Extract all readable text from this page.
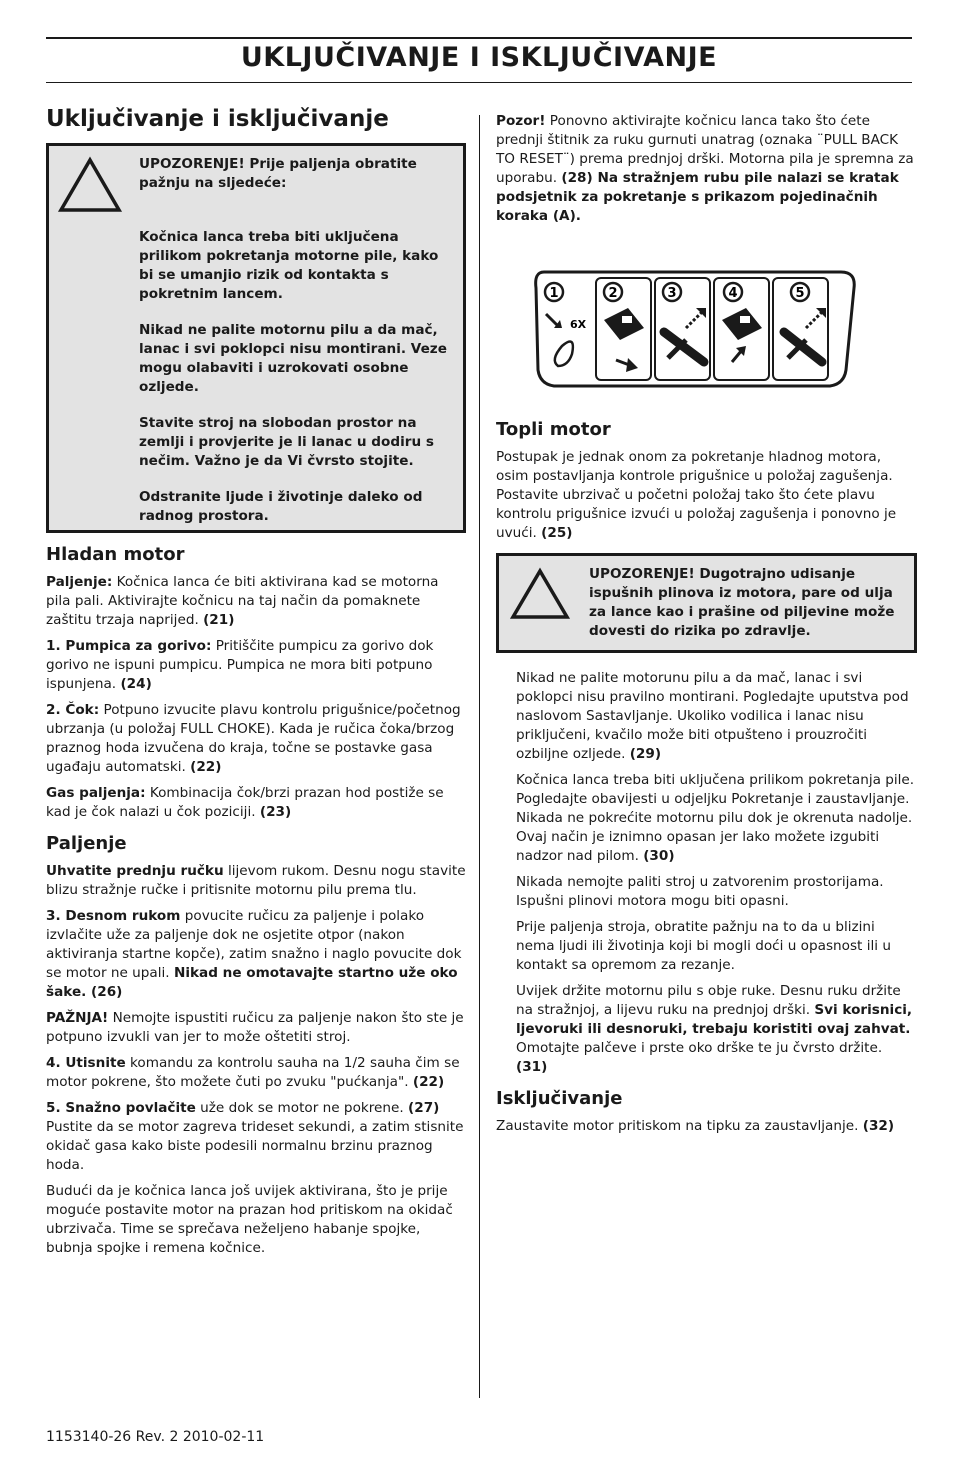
UKLJUČIVANJE I ISKLJUČIVANJE
Uključivanje i isključivanje

UPOZORENJE! Prije paljenja obratite pažnju na sljedeće:

Kočnica lanca treba biti uključena prilikom pokretanja motorne pile, kako bi se umanjio rizik od kontakta s pokretnim lancem.

Nikad ne palite motornu pilu a da mač, lanac i svi poklopci nisu montirani. Veze mogu olabaviti i uzrokovati osobne ozljede.

Stavite stroj na slobodan prostor na zemlji i provjerite je li lanac u dodiru s nečim. Važno je da Vi čvrsto stojite.

Odstranite ljude i životinje daleko od radnog prostora.

Hladan motor

Paljenje: Kočnica lanca će biti aktivirana kad se motorna pila pali. Aktivirajte kočnicu na taj način da pomaknete zaštitu trzaja naprijed. (21)

1. Pumpica za gorivo: Pritiščite pumpicu za gorivo dok gorivo ne ispuni pumpicu. Pumpica ne mora biti potpuno ispunjena. (24)

2. Čok: Potpuno izvucite plavu kontrolu prigušnice/početnog ubrzanja (u položaj FULL CHOKE). Kada je ručica čoka/brzog praznog hoda izvučena do kraja, točne se postavke gasa ugađaju automatski. (22)

Gas paljenja: Kombinacija čok/brzi prazan hod postiže se kad je čok nalazi u čok poziciji. (23)

Paljenje

Uhvatite prednju ručku lijevom rukom. Desnu nogu stavite blizu stražnje ručke i pritisnite motornu pilu prema tlu.

3. Desnom rukom povucite ručicu za paljenje i polako izvlačite uže za paljenje dok ne osjetite otpor (nakon aktiviranja startne kopče), zatim snažno i naglo povucite dok se motor ne upali. Nikad ne omotavajte startno uže oko šake. (26)

PAŽNJA! Nemojte ispustiti ručicu za paljenje nakon što ste je potpuno izvukli van jer to može oštetiti stroj.

4. Utisnite komandu za kontrolu sauha na 1/2 sauha čim se motor pokrene, što možete čuti po zvuku "pućkanja". (22)

5. Snažno povlačite uže dok se motor ne pokrene. (27)
Pustite da se motor zagreva trideset sekundi, a zatim stisnite okidač gasa kako biste podesili normalnu brzinu praznog hoda.

Budući da je kočnica lanca još uvijek aktivirana, što je prije moguće postavite motor na prazan hod pritiskom na okidač ubrzivača. Time se sprečava neželjeno habanje spojke, bubnja spojke i remena kočnice.

Pozor! Ponovno aktivirajte kočnicu lanca tako što ćete prednji štitnik za ruku gurnuti unatrag (oznaka ¨PULL BACK TO RESET¨) prema prednjoj drški. Motorna pila je spremna za uporabu. (28) Na stražnjem rubu pile nalazi se kratak podsjetnik za pokretanje s prikazom pojedinačnih koraka (A).

1	2	3	4	5
6X
Topli motor

Postupak je jednak onom za pokretanje hladnog motora, osim postavljanja kontrole prigušnice u položaj zagušenja. Postavite ubrzivač u početni položaj tako što ćete plavu kontrolu prigušnice izvući u položaj zagušenja i ponovno je uvući. (25)

UPOZORENJE! Dugotrajno udisanje ispušnih plinova iz motora, pare od ulja za lance kao i prašine od piljevine može dovesti do rizika po zdravlje.

Nikad ne palite motorunu pilu a da mač, lanac i svi poklopci nisu pravilno montirani. Pogledajte uputstva pod naslovom Sastavljanje. Ukoliko vodilica i lanac nisu priključeni, kvačilo može biti otpušteno i prouzročiti ozbiljne ozljede. (29)

Kočnica lanca treba biti uključena prilikom pokretanja pile. Pogledajte obavijesti u odjeljku Pokretanje i zaustavljanje. Nikada ne pokrećite motornu pilu dok je okrenuta nadolje. Ovaj način je iznimno opasan jer lako možete izgubiti nadzor nad pilom. (30)

Nikada nemojte paliti stroj u zatvorenim prostorijama. Ispušni plinovi motora mogu biti opasni.

Prije paljenja stroja, obratite pažnju na to da u blizini nema ljudi ili životinja koji bi mogli doći u opasnost ili u kontakt sa opremom za rezanje.

Uvijek držite motornu pilu s obje ruke. Desnu ruku držite na stražnjoj, a lijevu ruku na prednjoj drški. Svi korisnici, ljevoruki ili desnoruki, trebaju koristiti ovaj zahvat. Omotajte palčeve i prste oko drške te ju čvrsto držite. (31)

Isključivanje

Zaustavite motor pritiskom na tipku za zaustavljanje. (32)

1153140-26 Rev. 2 2010-02-11
